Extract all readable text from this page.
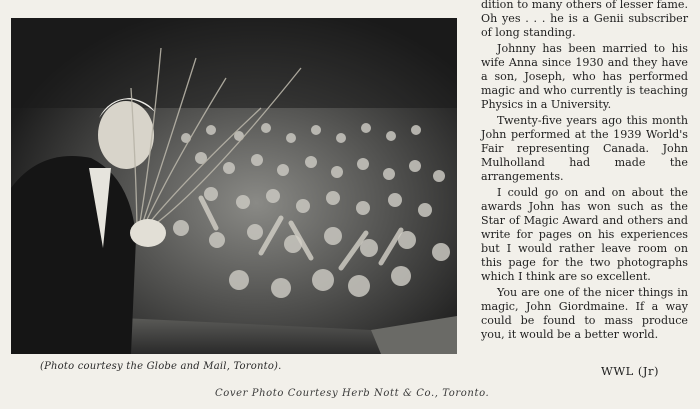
(Photo courtesy the Globe and Mail, Toronto).
Cover Photo Courtesy Herb Nott & Co., Toronto.

dition to many others of lesser fame. Oh yes . . . he is a Genii subscriber of long standing.

Johnny has been married to his wife Anna since 1930 and they have a son, Joseph, who has performed magic and who currently is teaching Physics in a University.

Twenty-five years ago this month John performed at the 1939 World's Fair representing Canada. John Mulholland had made the arrangements.

I could go on and on about the awards John has won such as the Star of Magic Award and others and write for pages on his experiences but I would rather leave room on this page for the two photographs which I think are so excellent.

You are one of the nicer things in magic, John Giordmaine. If a way could be found to mass produce you, it would be a better world.

WWL (Jr)
